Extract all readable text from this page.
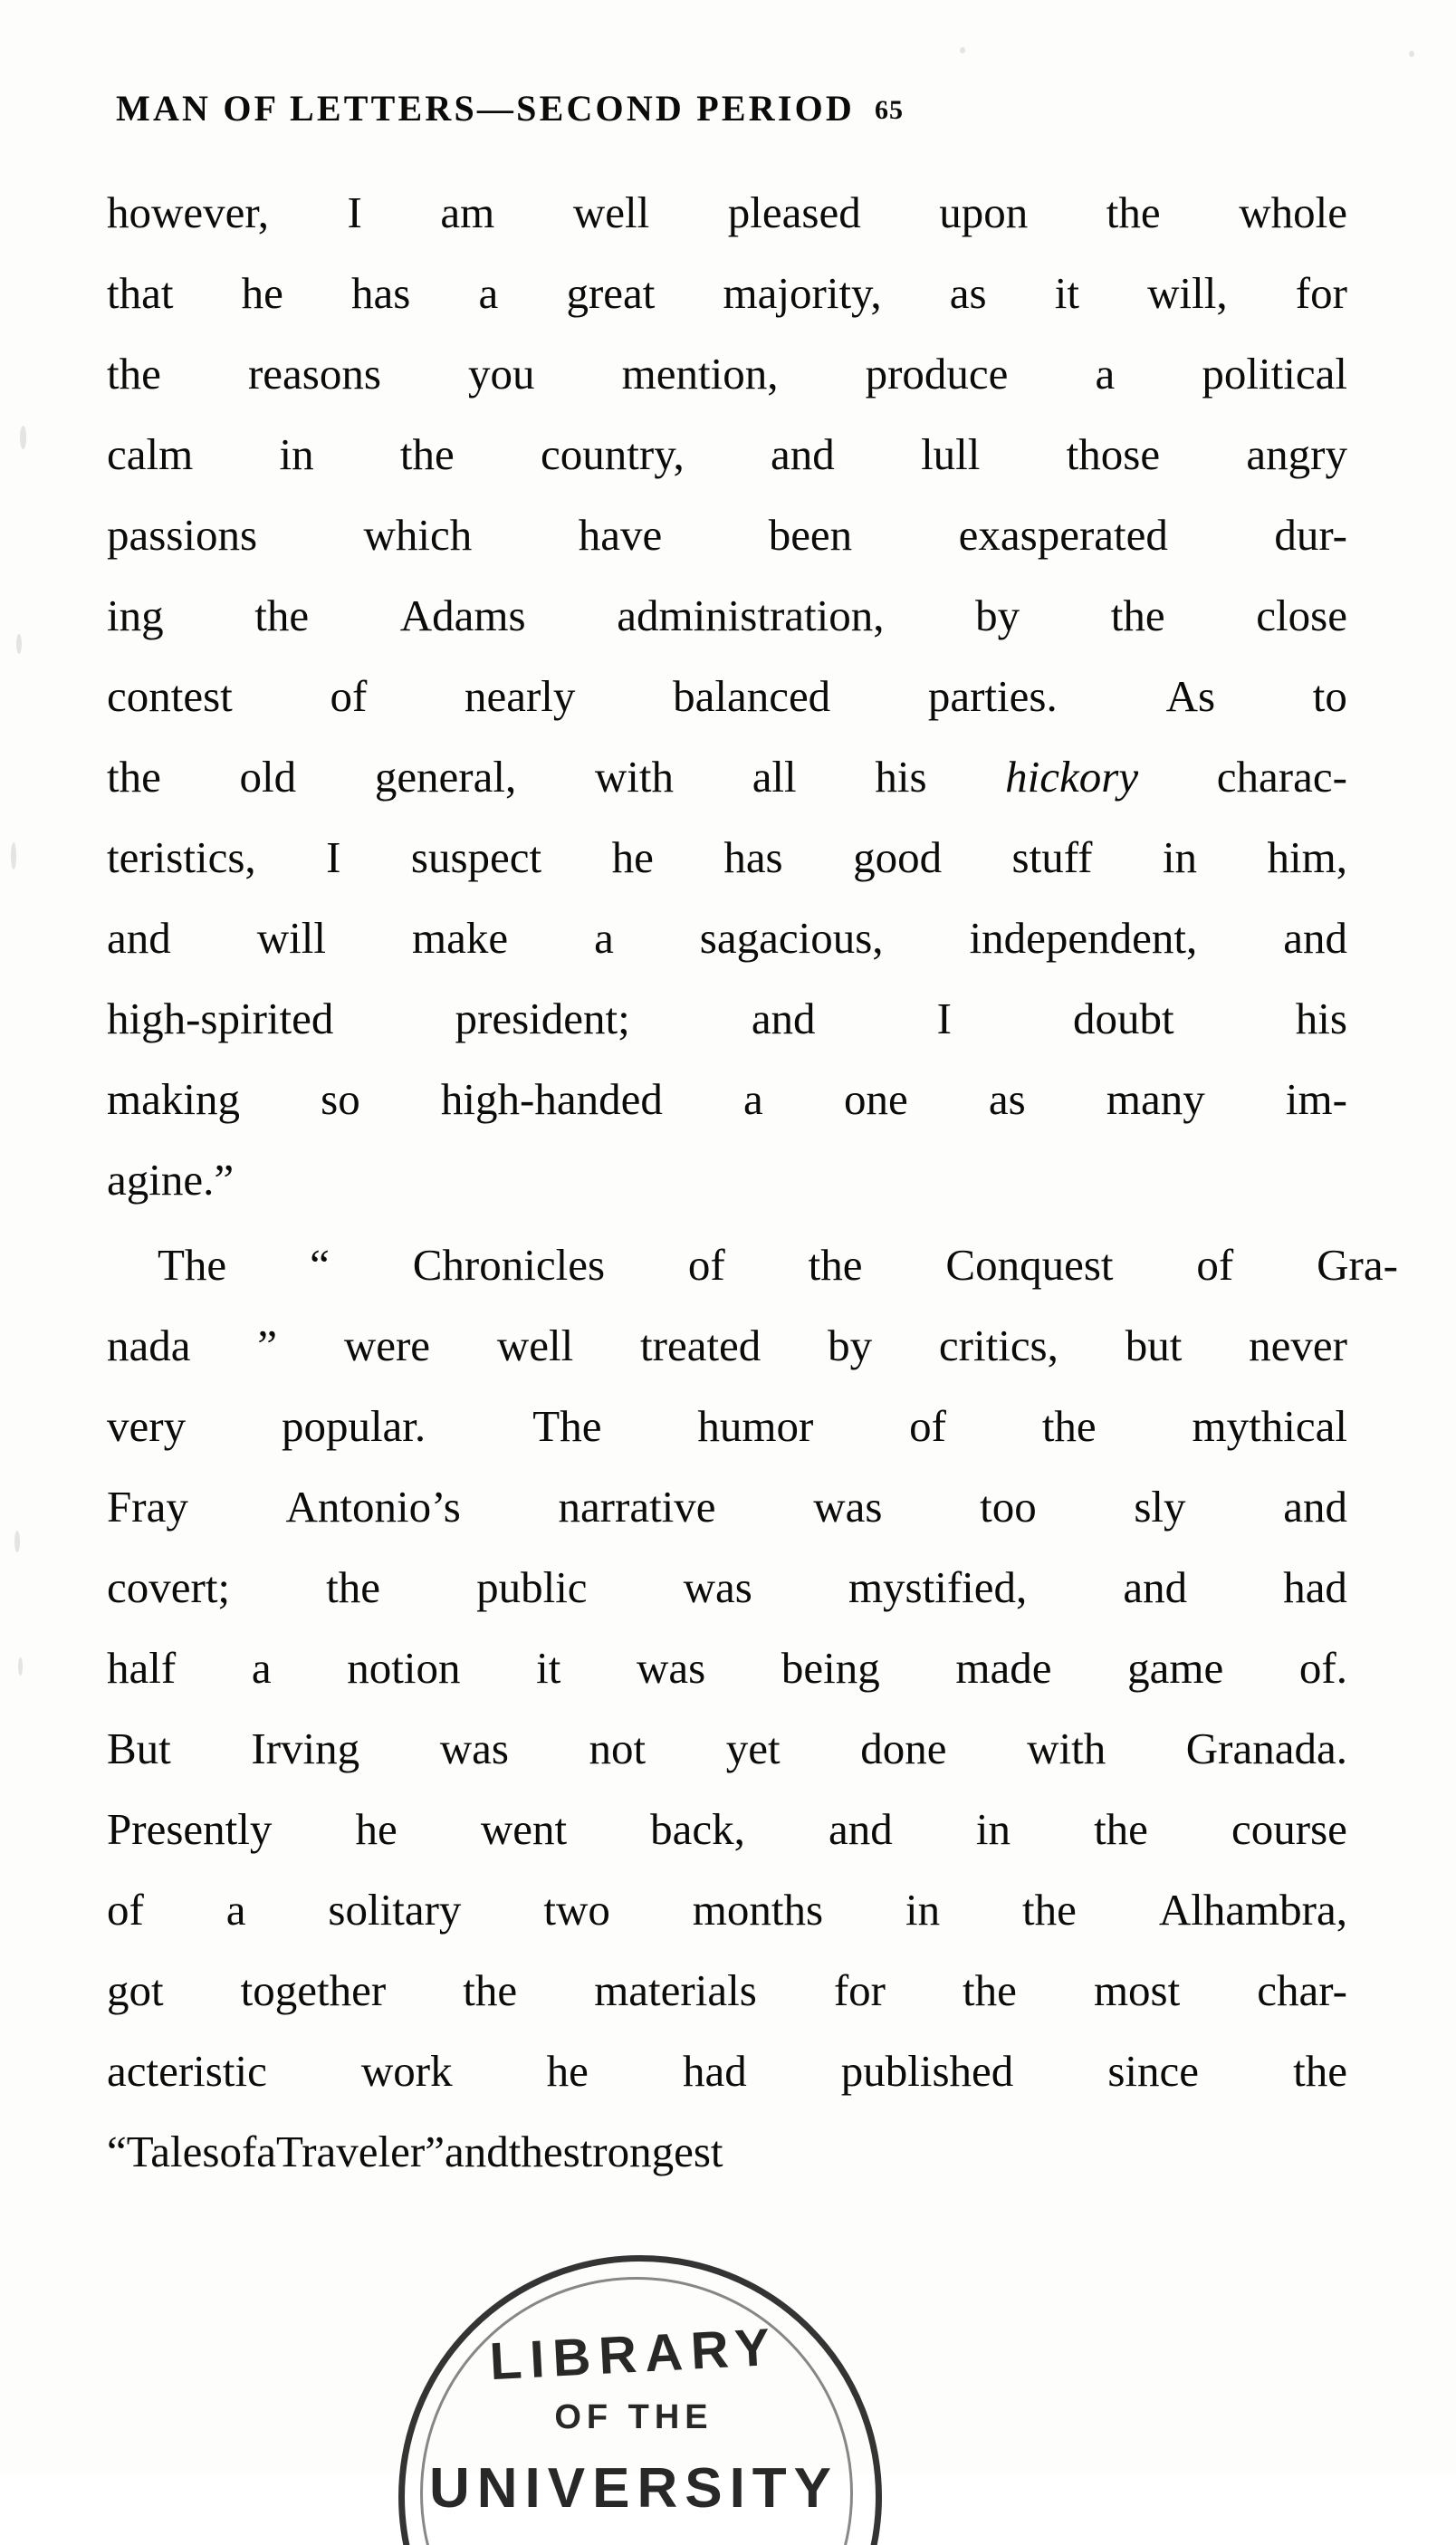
MAN OF LETTERS—SECOND PERIOD 65

however, I am well pleased upon the whole
that he has a great majority, as it will, for
the reasons you mention, produce a political
calm in the country, and lull those angry
passions which have been exasperated dur-
ing the Adams administration, by the close
contest of nearly balanced parties. As to
the old general, with all his hickory charac-
teristics, I suspect he has good stuff in him,
and will make a sagacious, independent, and
high-spirited	president;	and	I	doubt	his
making so high-handed a one as many im-
agine.”

The “ Chronicles of the Conquest of Gra-
nada ” were well treated by critics, but never
very popular. The humor of the mythical
Fray Antonio’s narrative was too sly and
covert; the public was mystified, and had
half a notion it was being made game of.
But Irving was not yet done with Granada.
Presently he went back, and in the course
of a solitary two months in the Alhambra,
got together the materials for the most char-
acteristic work he had published since the
“ Tales of a Traveler ” and the strongest

LIBRARY
OF THE
UNIVERSITY
